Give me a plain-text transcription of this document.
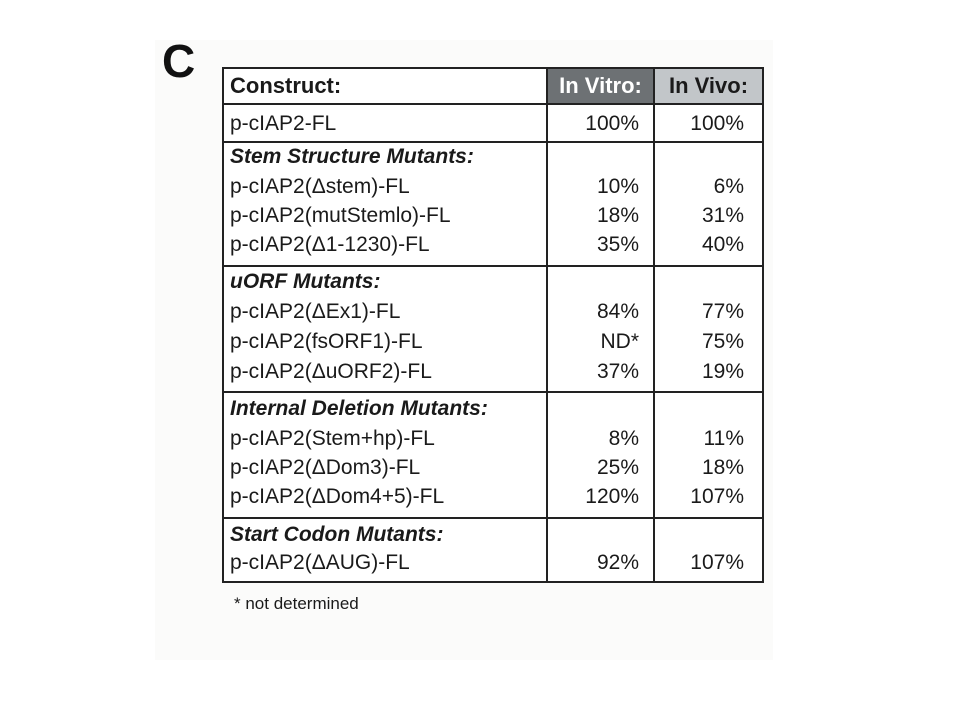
C Construct:	In Vitro:	In Vivo:
p-cIAP2-FL	100% 100%
Stem Structure Mutants:
p-cIAP2(Δstem)-FL	10%	6%
p-cIAP2(mutStemlo)-FL	18%	31%
p-cIAP2(Δ1-1230)-FL	35%	40%
uORF Mutants:
p-cIAP2(ΔEx1)-FL	84%	77%
p-cIAP2(fsORF1)-FL	ND*	75%
p-cIAP2(ΔuORF2)-FL	37%	19%
Internal Deletion Mutants:
p-cIAP2(Stem+hp)-FL	8%	11%
p-cIAP2(ΔDom3)-FL	25%	18%
p-cIAP2(ΔDom4+5)-FL	120% 107%
Start Codon Mutants:
p-cIAP2(ΔAUG)-FL	92% 107%
* not determined
